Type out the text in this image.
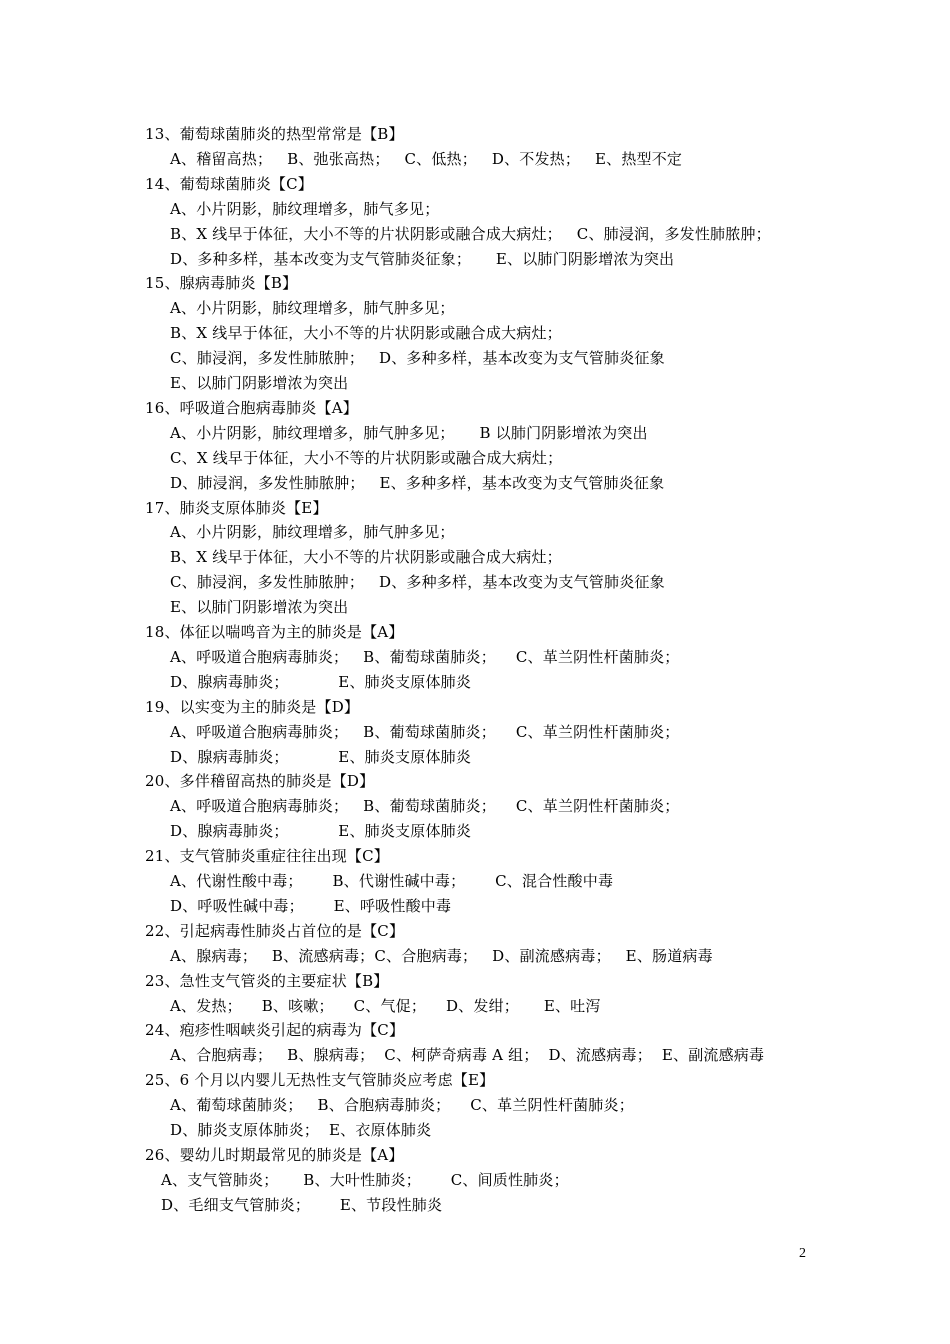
13、葡萄球菌肺炎的热型常常是【B】
A、稽留高热；   B、弛张高热；   C、低热；   D、不发热；   E、热型不定
14、葡萄球菌肺炎【C】
A、小片阴影，肺纹理增多，肺气多见；
B、X 线早于体征，大小不等的片状阴影或融合成大病灶；   C、肺浸润，多发性肺脓肿；
D、多种多样，基本改变为支气管肺炎征象；     E、以肺门阴影增浓为突出
15、腺病毒肺炎【B】
A、小片阴影，肺纹理增多，肺气肿多见；
B、X 线早于体征，大小不等的片状阴影或融合成大病灶；
C、肺浸润，多发性肺脓肿；   D、多种多样，基本改变为支气管肺炎征象
E、以肺门阴影增浓为突出
16、呼吸道合胞病毒肺炎【A】
A、小片阴影，肺纹理增多，肺气肿多见；     B 以肺门阴影增浓为突出
C、X 线早于体征，大小不等的片状阴影或融合成大病灶；
D、肺浸润，多发性肺脓肿；   E、多种多样，基本改变为支气管肺炎征象
17、肺炎支原体肺炎【E】
A、小片阴影，肺纹理增多，肺气肿多见；
B、X 线早于体征，大小不等的片状阴影或融合成大病灶；
C、肺浸润，多发性肺脓肿；   D、多种多样，基本改变为支气管肺炎征象
E、以肺门阴影增浓为突出
18、体征以喘鸣音为主的肺炎是【A】
A、呼吸道合胞病毒肺炎；   B、葡萄球菌肺炎；    C、革兰阴性杆菌肺炎；
D、腺病毒肺炎；          E、肺炎支原体肺炎
19、以实变为主的肺炎是【D】
A、呼吸道合胞病毒肺炎；   B、葡萄球菌肺炎；    C、革兰阴性杆菌肺炎；
D、腺病毒肺炎；          E、肺炎支原体肺炎
20、多伴稽留高热的肺炎是【D】
A、呼吸道合胞病毒肺炎；   B、葡萄球菌肺炎；    C、革兰阴性杆菌肺炎；
D、腺病毒肺炎；          E、肺炎支原体肺炎
21、支气管肺炎重症往往出现【C】
A、代谢性酸中毒；      B、代谢性碱中毒；      C、混合性酸中毒
D、呼吸性碱中毒；      E、呼吸性酸中毒
22、引起病毒性肺炎占首位的是【C】
A、腺病毒；   B、流感病毒；C、合胞病毒；   D、副流感病毒；   E、肠道病毒
23、急性支气管炎的主要症状【B】
A、发热；    B、咳嗽；    C、气促；    D、发绀；     E、吐泻
24、疱疹性咽峡炎引起的病毒为【C】
A、合胞病毒；   B、腺病毒；  C、柯萨奇病毒 A 组；  D、流感病毒；  E、副流感病毒
25、6 个月以内婴儿无热性支气管肺炎应考虑【E】
A、葡萄球菌肺炎；   B、合胞病毒肺炎；    C、革兰阴性杆菌肺炎；
D、肺炎支原体肺炎；  E、衣原体肺炎
26、婴幼儿时期最常见的肺炎是【A】
A、支气管肺炎；     B、大叶性肺炎；      C、间质性肺炎；
D、毛细支气管肺炎；      E、节段性肺炎
2
